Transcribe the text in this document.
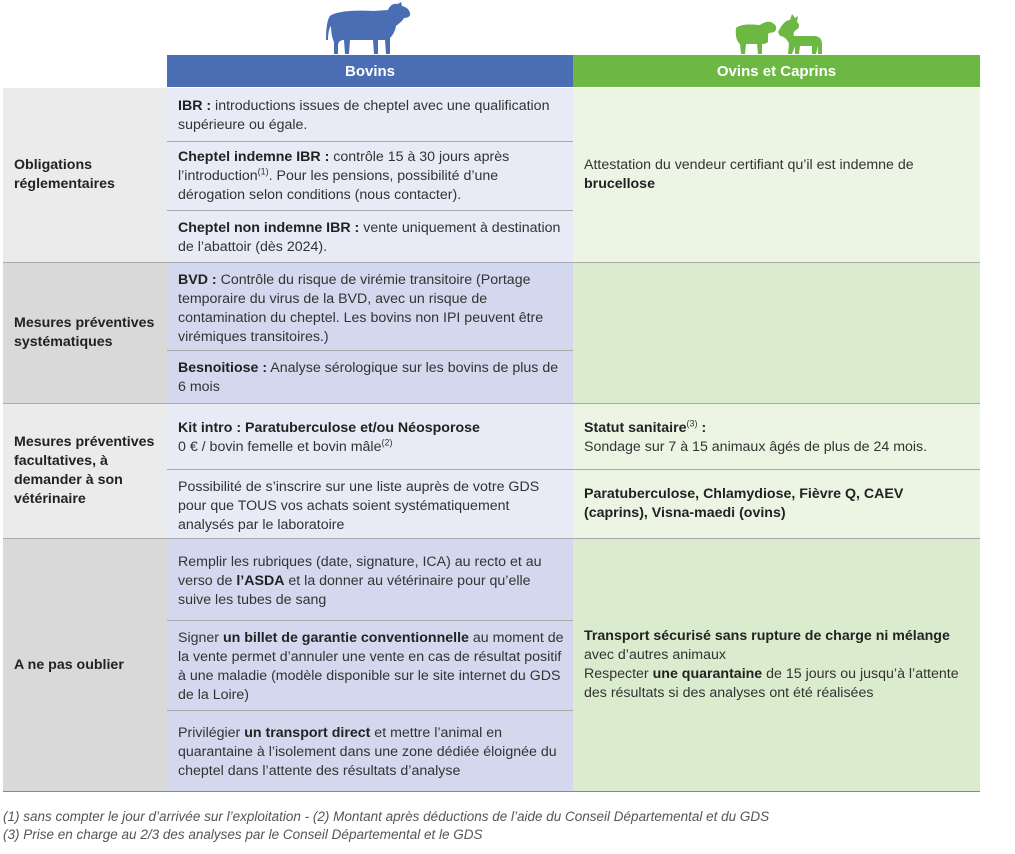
Bovins	Ovins et Caprins
Obligations réglementaires
IBR : introductions issues de cheptel avec une qualification supérieure ou égale.
Cheptel indemne IBR : contrôle 15 à 30 jours après l’introduction$^{(1)}$. Pour les pensions, possibilité d’une dérogation selon conditions (nous contacter).
Cheptel non indemne IBR : vente uniquement à destination de l’abattoir (dès 2024).
Attestation du vendeur certifiant qu’il est indemne de brucellose
Mesures préventives systématiques
BVD : Contrôle du risque de virémie transitoire (Portage temporaire du virus de la BVD, avec un risque de contamination du cheptel. Les bovins non IPI peuvent être virémiques transitoires.)
Besnoitiose : Analyse sérologique sur les bovins de plus de 6 mois
Mesures préventives facultatives, à demander à son vétérinaire
Kit intro : Paratuberculose et/ou Néosporose
0 € / bovin femelle et bovin mâle$^{(2)}$
Possibilité de s’inscrire sur une liste auprès de votre GDS pour que TOUS vos achats soient systématiquement analysés par le laboratoire
Statut sanitaire$^{(3)}$ :
Sondage sur 7 à 15 animaux âgés de plus de 24 mois.
Paratuberculose, Chlamydiose, Fièvre Q, CAEV (caprins), Visna-maedi (ovins)
A ne pas oublier
Remplir les rubriques (date, signature, ICA) au recto et au verso de l’ASDA et la donner au vétérinaire pour qu’elle suive les tubes de sang
Signer un billet de garantie conventionnelle au moment de la vente permet d’annuler une vente en cas de résultat positif à une maladie (modèle disponible sur le site internet du GDS de la Loire)
Privilégier un transport direct et mettre l’animal en quarantaine à l’isolement dans une zone dédiée éloignée du cheptel dans l’attente des résultats d’analyse
Transport sécurisé sans rupture de charge ni mélange
avec d’autres animaux
Respecter une quarantaine de 15 jours ou jusqu’à l’attente des résultats si des analyses ont été réalisées
(1) sans compter le jour d’arrivée sur l’exploitation - (2) Montant après déductions de l’aide du Conseil Départemental et du GDS
(3) Prise en charge au 2/3 des analyses par le Conseil Départemental et le GDS
